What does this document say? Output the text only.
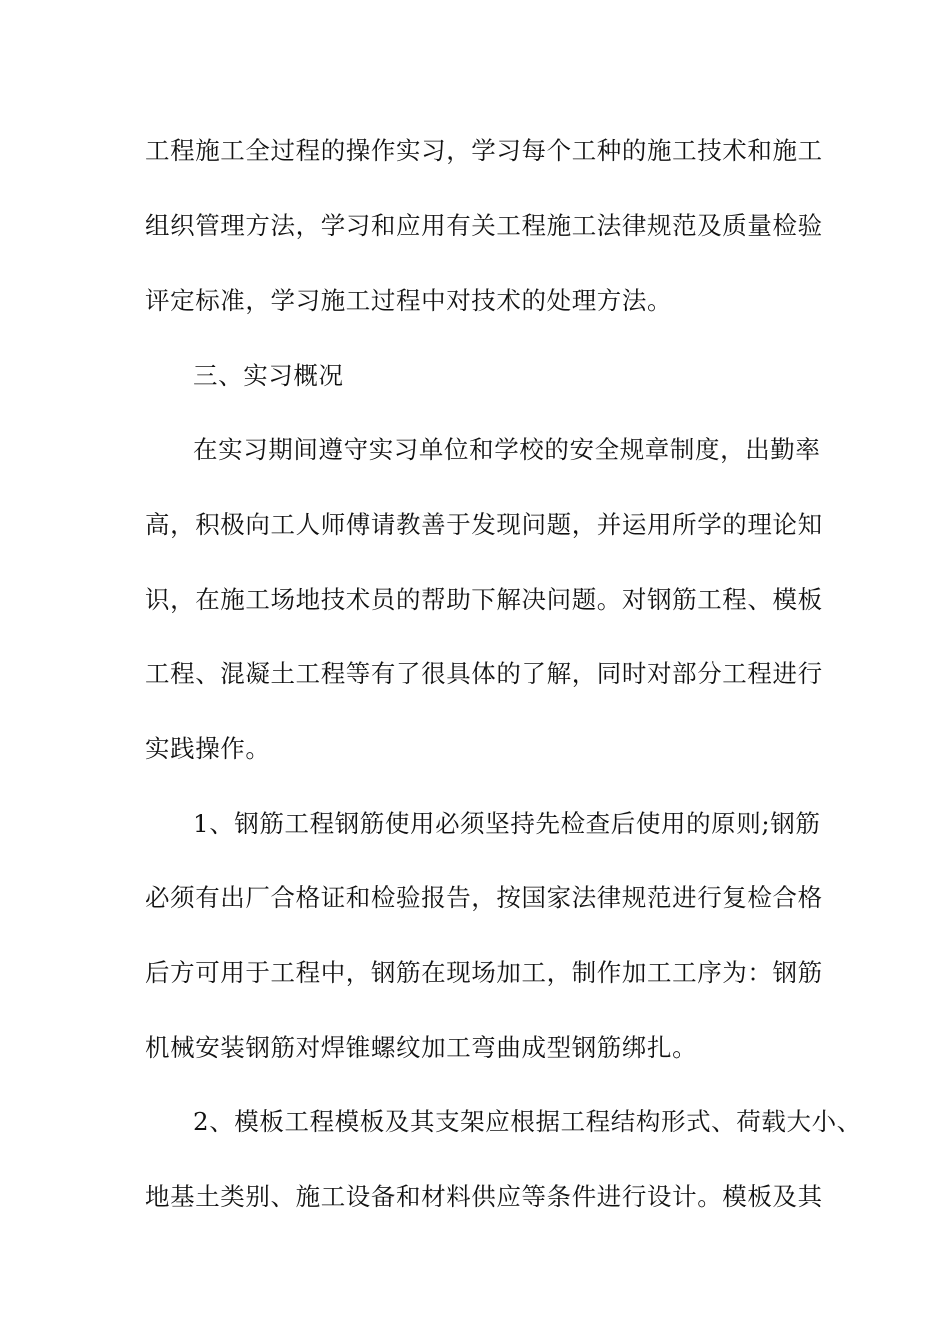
工程施工全过程的操作实习，学习每个工种的施工技术和施工
组织管理方法，学习和应用有关工程施工法律规范及质量检验
评定标准，学习施工过程中对技术的处理方法。
三、实习概况
在实习期间遵守实习单位和学校的安全规章制度，出勤率
高，积极向工人师傅请教善于发现问题，并运用所学的理论知
识，在施工场地技术员的帮助下解决问题。对钢筋工程、模板
工程、混凝土工程等有了很具体的了解，同时对部分工程进行
实践操作。
1、钢筋工程钢筋使用必须坚持先检查后使用的原则;钢筋
必须有出厂合格证和检验报告，按国家法律规范进行复检合格
后方可用于工程中，钢筋在现场加工，制作加工工序为：钢筋
机械安装钢筋对焊锥螺纹加工弯曲成型钢筋绑扎。
2、模板工程模板及其支架应根据工程结构形式、荷载大小、
地基土类别、施工设备和材料供应等条件进行设计。模板及其
